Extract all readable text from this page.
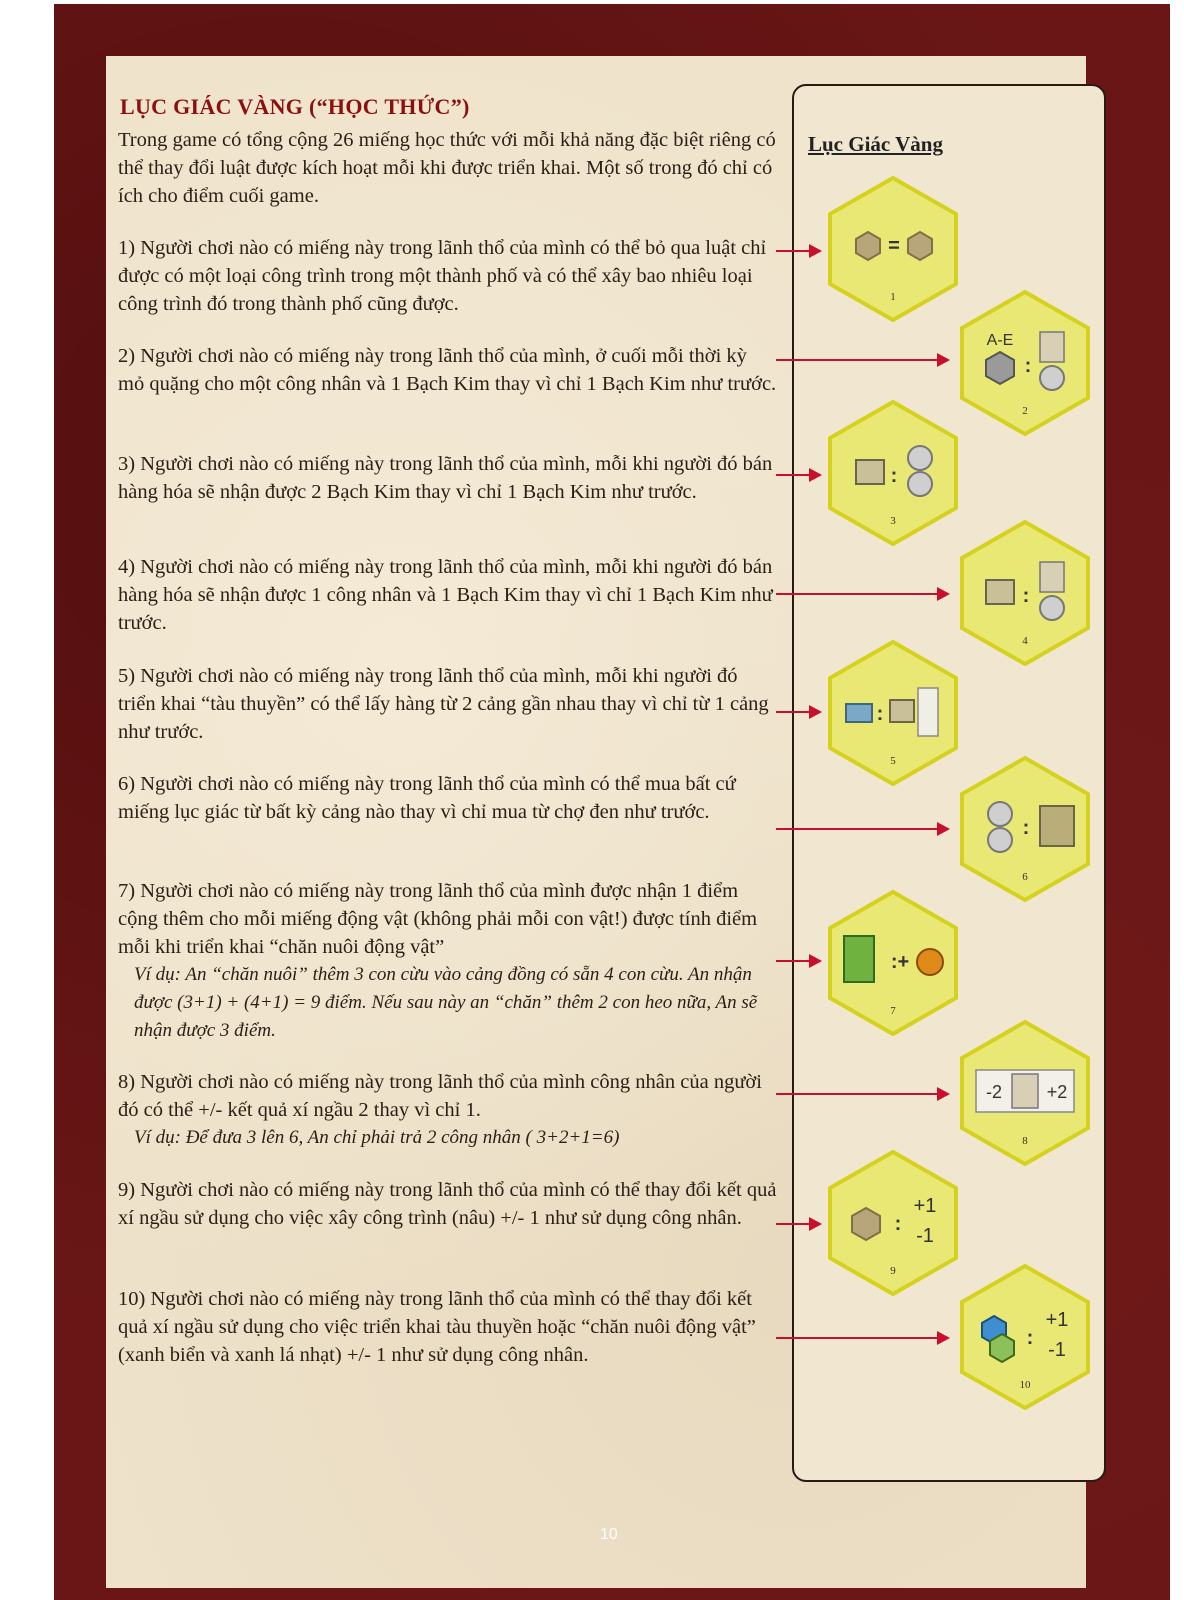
LỤC GIÁC VÀNG (“HỌC THỨC”)

Trong game có tổng cộng 26 miếng học thức với mỗi khả năng đặc biệt riêng có thể thay đổi luật được kích hoạt mỗi khi được triển khai. Một số trong đó chỉ có ích cho điểm cuối game.

1) Người chơi nào có miếng này trong lãnh thổ của mình có thể bỏ qua luật chỉ được có một loại công trình trong một thành phố và có thể xây bao nhiêu loại công trình đó trong thành phố cũng được.

2) Người chơi nào có miếng này trong lãnh thổ của mình, ở cuối mỗi thời kỳ mỏ quặng cho một công nhân và 1 Bạch Kim thay vì chỉ 1 Bạch Kim như trước.

3) Người chơi nào có miếng này trong lãnh thổ của mình, mỗi khi người đó bán hàng hóa sẽ nhận được 2 Bạch Kim thay vì chỉ 1 Bạch Kim như trước.

4) Người chơi nào có miếng này trong lãnh thổ của mình, mỗi khi người đó bán hàng hóa sẽ nhận được 1 công nhân và 1 Bạch Kim thay vì chỉ 1 Bạch Kim như trước.

5) Người chơi nào có miếng này trong lãnh thổ của mình, mỗi khi người đó triển khai “tàu thuyền” có thể lấy hàng từ 2 cảng gần nhau thay vì chỉ từ 1 cảng như trước.

6) Người chơi nào có miếng này trong lãnh thổ của mình có thể mua bất cứ miếng lục giác từ bất kỳ cảng nào thay vì chỉ mua từ chợ đen như trước.

7) Người chơi nào có miếng này trong lãnh thổ của mình được nhận 1 điểm cộng thêm cho mỗi miếng động vật (không phải mỗi con vật!) được tính điểm mỗi khi triển khai “chăn nuôi động vật”

Ví dụ: An “chăn nuôi” thêm 3 con cừu vào cảng đồng có sẵn 4 con cừu. An nhận được (3+1) + (4+1) = 9 điểm. Nếu sau này an “chăn” thêm 2 con heo nữa, An sẽ nhận được 3 điểm.

8) Người chơi nào có miếng này trong lãnh thổ của mình công nhân của người đó có thể +/- kết quả xí ngầu 2 thay vì chỉ 1.

Ví dụ: Để đưa 3 lên 6, An chỉ phải trả 2 công nhân ( 3+2+1=6)

9) Người chơi nào có miếng này trong lãnh thổ của mình có thể thay đổi kết quả xí ngầu sử dụng cho việc xây công trình (nâu) +/- 1 như sử dụng công nhân.

10) Người chơi nào có miếng này trong lãnh thổ của mình có thể thay đổi kết quả xí ngầu sử dụng cho việc triển khai tàu thuyền hoặc “chăn nuôi động vật” (xanh biển và xanh lá nhạt) +/- 1 như sử dụng công nhân.

Lục Giác Vàng
=
1
A-E
:
2
:
3
:
4
:
5
:
6
:+
7
-2 +2
8
:
+1
-1
9
:
+1
-1
10
10
